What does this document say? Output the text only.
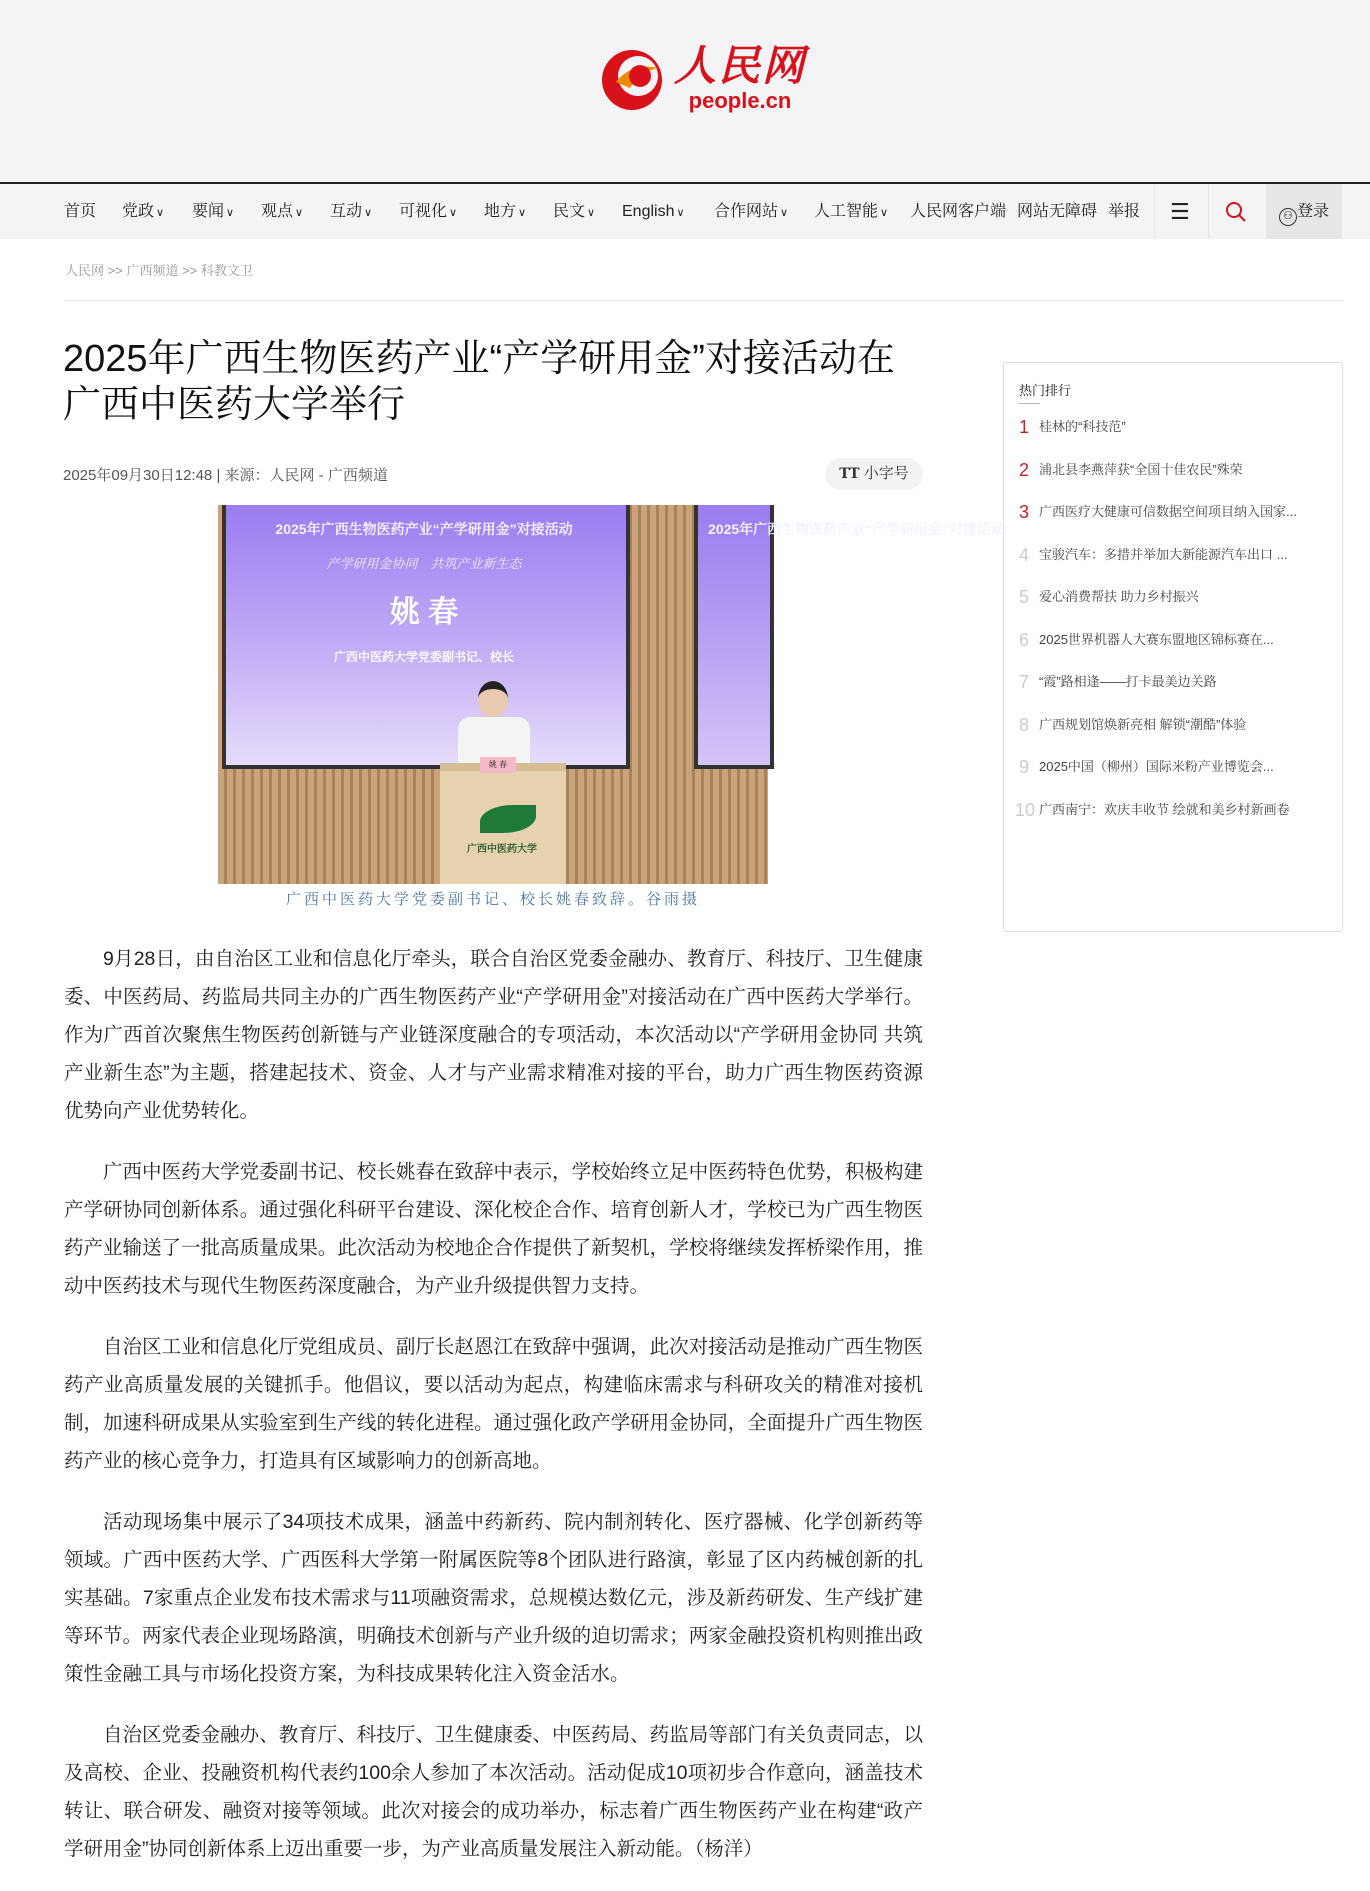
人民网
people.cn
☰	⚇ 登录
首页 党政 ∨ 要闻 ∨ 观点 ∨ 互动 ∨ 可视化 ∨ 地方 ∨ 民文 ∨ English ∨ 合作网站 ∨ 人工智能 ∨ 人民网客户端 网站无障碍 举报
人民网 >> 广西频道 >> 科教文卫
2025年广西生物医药产业“产学研用金”对接活动在广西中医药大学举行
2025年09月30日12:48 | 来源：人民网 - 广西频道	TT 小字号
2025年广西生物医药产业“产学研用金”对接活动
产学研用金协同　共筑产业新生态
姚 春
广西中医药大学党委副书记、校长
2025年广西生物医药产业“产学研用金”对接活动
姚 春
广西中医药大学
广西中医药大学党委副书记、校长姚春致辞。谷雨摄

9月28日，由自治区工业和信息化厅牵头，联合自治区党委金融办、教育厅、科技厅、卫生健康委、中医药局、药监局共同主办的广西生物医药产业“产学研用金”对接活动在广西中医药大学举行。作为广西首次聚焦生物医药创新链与产业链深度融合的专项活动，本次活动以“产学研用金协同 共筑产业新生态”为主题，搭建起技术、资金、人才与产业需求精准对接的平台，助力广西生物医药资源优势向产业优势转化。

广西中医药大学党委副书记、校长姚春在致辞中表示，学校始终立足中医药特色优势，积极构建产学研协同创新体系。通过强化科研平台建设、深化校企合作、培育创新人才，学校已为广西生物医药产业输送了一批高质量成果。此次活动为校地企合作提供了新契机，学校将继续发挥桥梁作用，推动中医药技术与现代生物医药深度融合，为产业升级提供智力支持。

自治区工业和信息化厅党组成员、副厅长赵恩江在致辞中强调，此次对接活动是推动广西生物医药产业高质量发展的关键抓手。他倡议，要以活动为起点，构建临床需求与科研攻关的精准对接机制，加速科研成果从实验室到生产线的转化进程。通过强化政产学研用金协同，全面提升广西生物医药产业的核心竞争力，打造具有区域影响力的创新高地。

活动现场集中展示了34项技术成果，涵盖中药新药、院内制剂转化、医疗器械、化学创新药等领域。广西中医药大学、广西医科大学第一附属医院等8个团队进行路演，彰显了区内药械创新的扎实基础。7家重点企业发布技术需求与11项融资需求，总规模达数亿元，涉及新药研发、生产线扩建等环节。两家代表企业现场路演，明确技术创新与产业升级的迫切需求；两家金融投资机构则推出政策性金融工具与市场化投资方案，为科技成果转化注入资金活水。

自治区党委金融办、教育厅、科技厅、卫生健康委、中医药局、药监局等部门有关负责同志，以及高校、企业、投融资机构代表约100余人参加了本次活动。活动促成10项初步合作意向，涵盖技术转让、联合研发、融资对接等领域。此次对接会的成功举办，标志着广西生物医药产业在构建“政产学研用金”协同创新体系上迈出重要一步，为产业高质量发展注入新动能。（杨洋）

热门排行
1 桂林的“科技范”
2 浦北县李燕萍获“全国十佳农民”殊荣
3 广西医疗大健康可信数据空间项目纳入国家...
4 宝骏汽车：多措并举加大新能源汽车出口 ...
5 爱心消费帮扶 助力乡村振兴
6 2025世界机器人大赛东盟地区锦标赛在...
7 “霞”路相逢——打卡最美边关路
8 广西规划馆焕新亮相 解锁“潮酷”体验
9 2025中国（柳州）国际米粉产业博览会...
10 广西南宁：欢庆丰收节 绘就和美乡村新画卷
